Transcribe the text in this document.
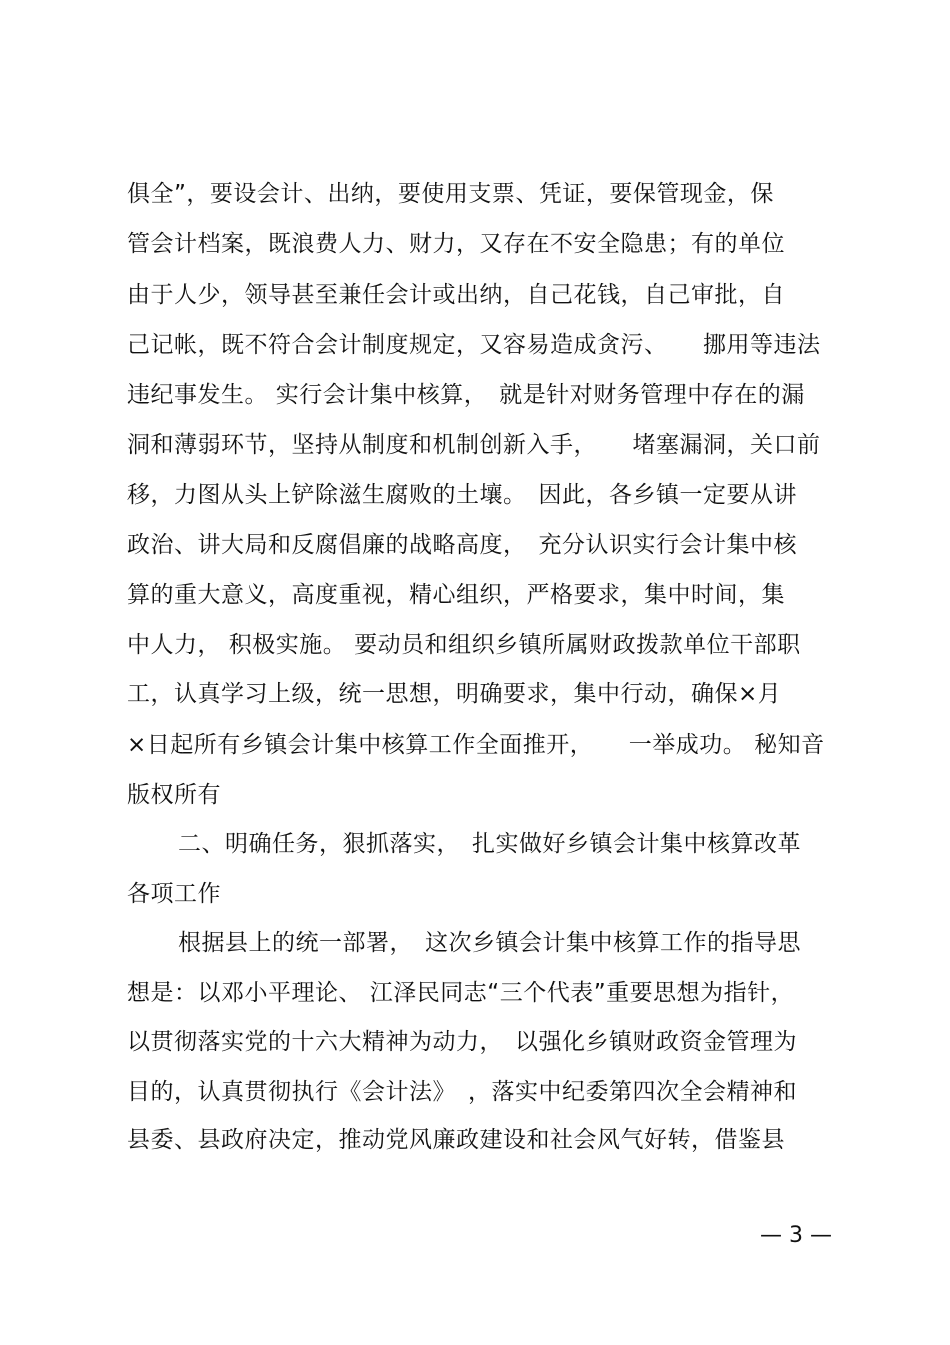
俱全”，要设会计、出纳，要使用支票、凭证，要保管现金，保
管会计档案，既浪费人力、财力，又存在不安全隐患；有的单位
由于人少，领导甚至兼任会计或出纳，自己花钱，自己审批，自
己记帐，既不符合会计制度规定，又容易造成贪污、　　挪用等违法
违纪事发生。 实行会计集中核算，　就是针对财务管理中存在的漏
洞和薄弱环节，坚持从制度和机制创新入手，　　堵塞漏洞，关口前
移，力图从头上铲除滋生腐败的土壤。　因此，各乡镇一定要从讲
政治、讲大局和反腐倡廉的战略高度，　充分认识实行会计集中核
算的重大意义，高度重视，精心组织，严格要求，集中时间，集
中人力， 积极实施。 要动员和组织乡镇所属财政拨款单位干部职
工，认真学习上级，统一思想，明确要求，集中行动，确保×月
×日起所有乡镇会计集中核算工作全面推开，　　一举成功。 秘知音
版权所有
二、明确任务，狠抓落实，　扎实做好乡镇会计集中核算改革
各项工作
根据县上的统一部署，　这次乡镇会计集中核算工作的指导思
想是：以邓小平理论、 江泽民同志“三个代表”重要思想为指针，
以贯彻落实党的十六大精神为动力，　以强化乡镇财政资金管理为
目的，认真贯彻执行《会计法》　，落实中纪委第四次全会精神和
县委、县政府决定，推动党风廉政建设和社会风气好转，借鉴县
— 3 —
